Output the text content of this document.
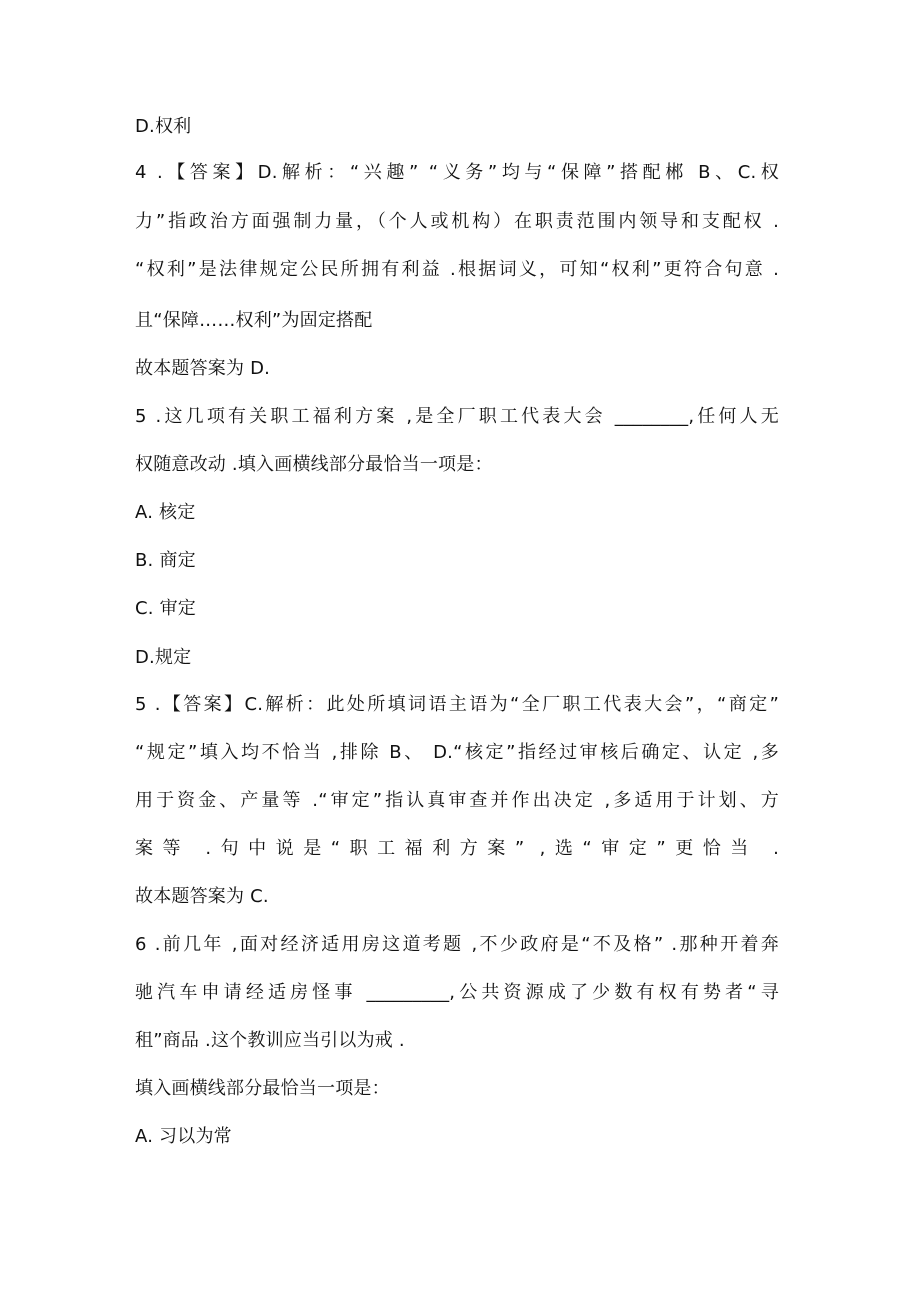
D.权利
4 .【答案】D.解析：“兴趣” “义务”均与“保障”搭配郴 B、C.权
力”指政治方面强制力量，（个人或机构）在职责范围内领导和支配权 .
“权利”是法律规定公民所拥有利益 .根据词义，可知“权利”更符合句意 .
且“保障……权利”为固定搭配
故本题答案为 D.
5 .这几项有关职工福利方案 ,是全厂职工代表大会 ________,任何人无
权随意改动 .填入画横线部分最恰当一项是：
A. 核定
B. 商定
C. 审定
D.规定
5 .【答案】C.解析：此处所填词语主语为“全厂职工代表大会”，“商定”
“规定”填入均不恰当 ,排除 B、 D.“核定”指经过审核后确定、认定 ,多
用于资金、产量等 .“审定”指认真审查并作出决定 ,多适用于计划、方
案等 .句中说是“职工福利方案” ,选“审定”更恰当 .
故本题答案为 C.
6 .前几年 ,面对经济适用房这道考题 ,不少政府是“不及格” .那种开着奔
驰汽车申请经适房怪事 _________,公共资源成了少数有权有势者“寻
租”商品 .这个教训应当引以为戒 .
填入画横线部分最恰当一项是：
A. 习以为常
